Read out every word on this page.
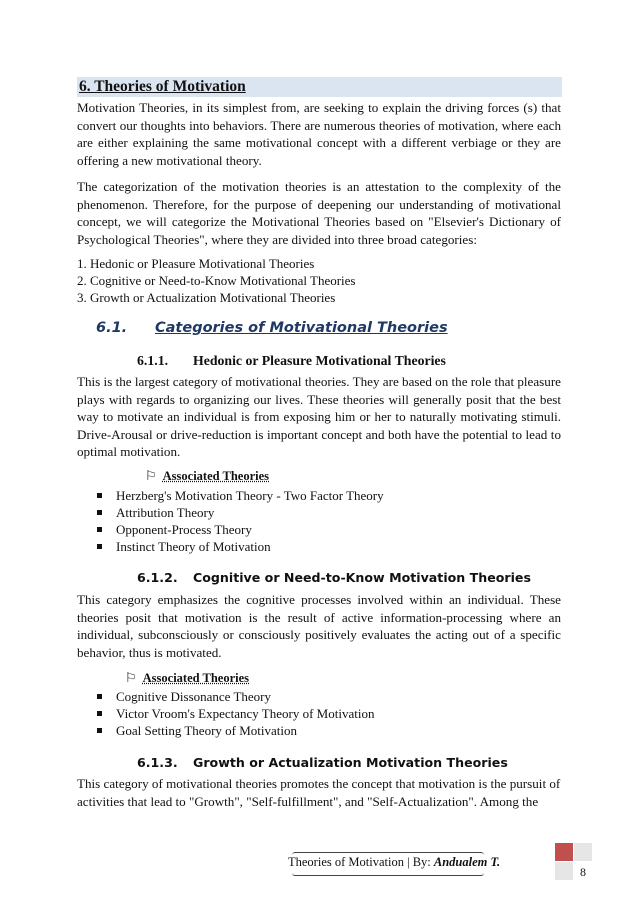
6. Theories of Motivation

Motivation Theories, in its simplest from, are seeking to explain the driving forces (s) that convert our thoughts into behaviors. There are numerous theories of motivation, where each are either explaining the same motivational concept with a different verbiage or they are offering a new motivational theory.

The categorization of the motivation theories is an attestation to the complexity of the phenomenon. Therefore, for the purpose of deepening our understanding of motivational concept, we will categorize the Motivational Theories based on "Elsevier's Dictionary of Psychological Theories", where they are divided into three broad categories:

1. Hedonic or Pleasure Motivational Theories
2. Cognitive or Need-to-Know Motivational Theories
3. Growth or Actualization Motivational Theories
6.1. Categories of Motivational Theories
6.1.1. Hedonic or Pleasure Motivational Theories

This is the largest category of motivational theories. They are based on the role that pleasure plays with regards to organizing our lives. These theories will generally posit that the best way to motivate an individual is from exposing him or her to naturally motivating stimuli. Drive-Arousal or drive-reduction is important concept and both have the potential to lead to optimal motivation.

⚐ Associated Theories
Herzberg's Motivation Theory - Two Factor Theory
Attribution Theory
Opponent-Process Theory
Instinct Theory of Motivation
6.1.2. Cognitive or Need-to-Know Motivation Theories

This category emphasizes the cognitive processes involved within an individual. These theories posit that motivation is the result of active information-processing where an individual, subconsciously or consciously positively evaluates the acting out of a specific behavior, thus is motivated.

⚐ Associated Theories
Cognitive Dissonance Theory
Victor Vroom's Expectancy Theory of Motivation
Goal Setting Theory of Motivation
6.1.3. Growth or Actualization Motivation Theories

This category of motivational theories promotes the concept that motivation is the pursuit of activities that lead to "Growth", "Self-fulfillment", and "Self-Actualization". Among the

Theories of Motivation | By: Andualem T.
8
